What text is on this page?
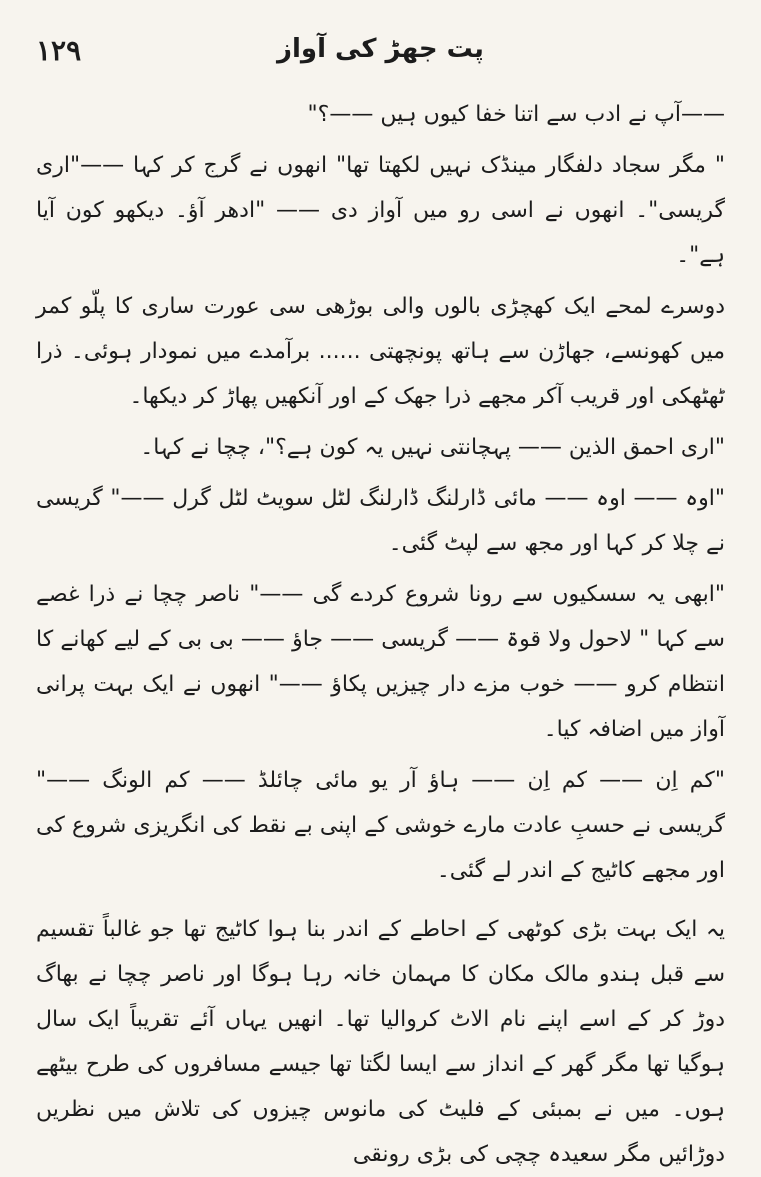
۱۲۹	پت جھڑ کی آواز

——آپ نے ادب سے اتنا خفا کیوں ہیں ——؟"

" مگر سجاد دلفگار مینڈک نہیں لکھتا تھا" انھوں نے گرج کر کہا ——"اری گریسی"۔ انھوں نے اسی رو میں آواز دی —— "ادھر آؤ۔ دیکھو کون آیا ہے"۔

دوسرے لمحے ایک کھچڑی بالوں والی بوڑھی سی عورت ساری کا پلّو کمر میں کھونسے، جھاڑن سے ہاتھ پونچھتی ...... برآمدے میں نمودار ہوئی۔ ذرا ٹھٹھکی اور قریب آکر مجھے ذرا جھک کے اور آنکھیں پھاڑ کر دیکھا۔

"اری احمق الذین —— پہچانتی نہیں یہ کون ہے؟"، چچا نے کہا۔

"اوہ —— اوہ —— مائی ڈارلنگ ڈارلنگ لٹل سویٹ لٹل گرل ——" گریسی نے چلا کر کہا اور مجھ سے لپٹ گئی۔

"ابھی یہ سسکیوں سے رونا شروع کردے گی ——" ناصر چچا نے ذرا غصے سے کہا " لاحول ولا قوۃ —— گریسی —— جاؤ —— بی بی کے لیے کھانے کا انتظام کرو —— خوب مزے دار چیزیں پکاؤ ——" انھوں نے ایک بہت پرانی آواز میں اضافہ کیا۔

"کم اِن —— کم اِن —— ہاؤ آر یو مائی چائلڈ —— کم الونگ ——" گریسی نے حسبِ عادت مارے خوشی کے اپنی بے نقط کی انگریزی شروع کی اور مجھے کاٹیج کے اندر لے گئی۔

یہ ایک بہت بڑی کوٹھی کے احاطے کے اندر بنا ہوا کاٹیج تھا جو غالباً تقسیم سے قبل ہندو مالک مکان کا مہمان خانہ رہا ہوگا اور ناصر چچا نے بھاگ دوڑ کر کے اسے اپنے نام الاٹ کروالیا تھا۔ انھیں یہاں آئے تقریباً ایک سال ہوگیا تھا مگر گھر کے انداز سے ایسا لگتا تھا جیسے مسافروں کی طرح بیٹھے ہوں۔ میں نے بمبئی کے فلیٹ کی مانوس چیزوں کی تلاش میں نظریں دوڑائیں مگر سعیدہ چچی کی بڑی رونقی
